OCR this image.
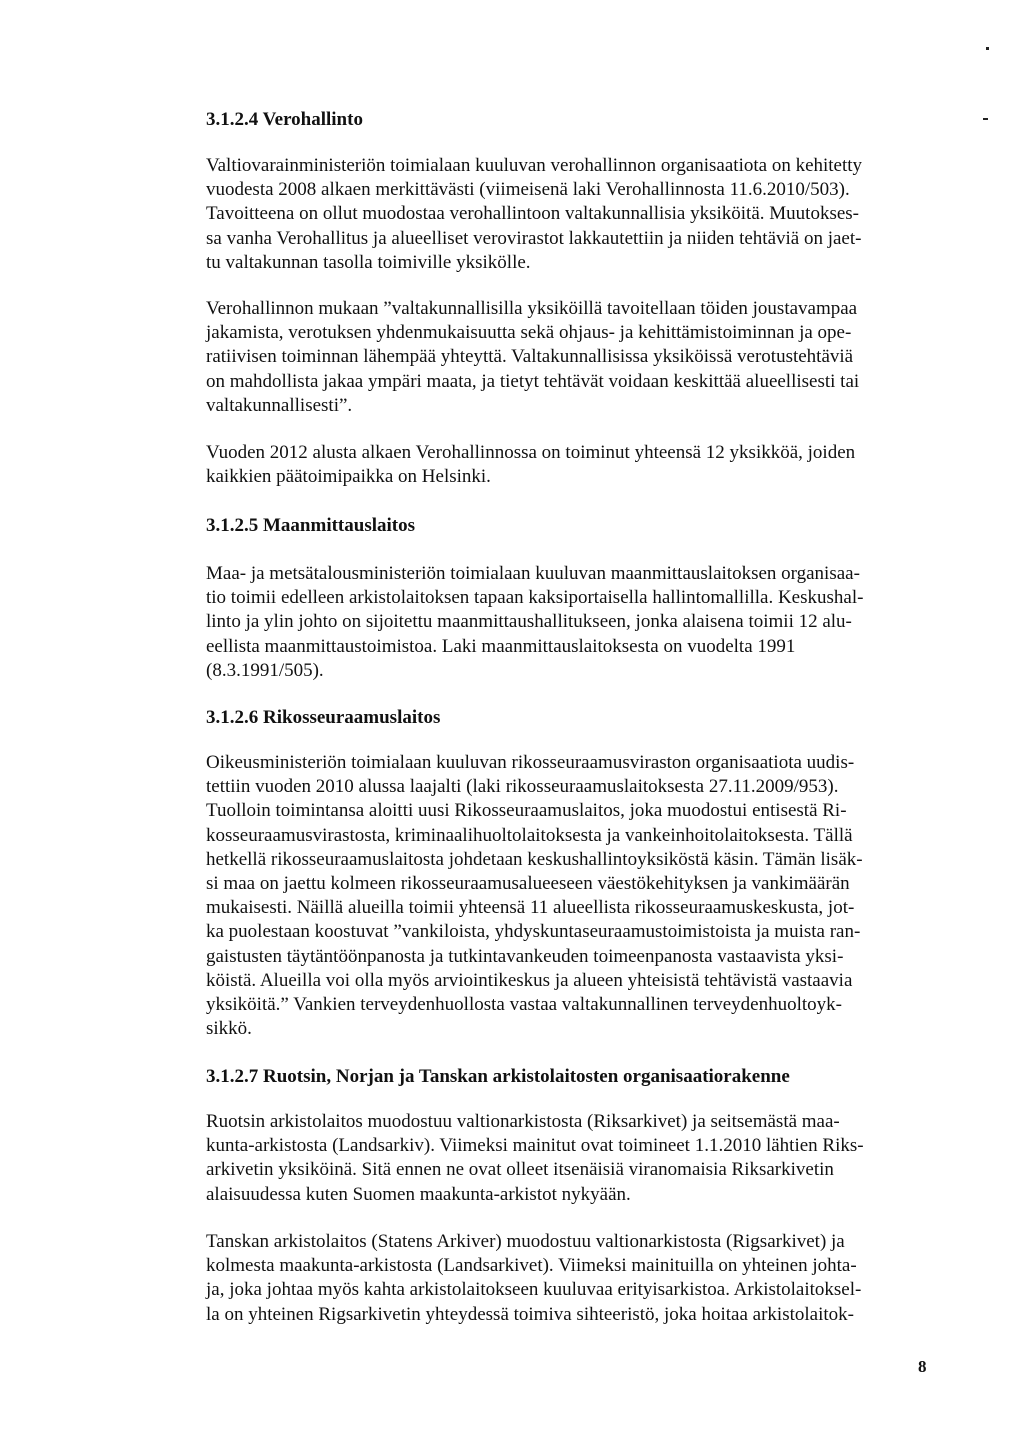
3.1.2.4 Verohallinto

Valtiovarainministeriön toimialaan kuuluvan verohallinnon organisaatiota on kehitetty
vuodesta 2008 alkaen merkittävästi (viimeisenä laki Verohallinnosta 11.6.2010/503).
Tavoitteena on ollut muodostaa verohallintoon valtakunnallisia yksiköitä. Muutokses-
sa vanha Verohallitus ja alueelliset verovirastot lakkautettiin ja niiden tehtäviä on jaet-
tu valtakunnan tasolla toimiville yksikölle.

Verohallinnon mukaan ”valtakunnallisilla yksiköillä tavoitellaan töiden joustavampaa
jakamista, verotuksen yhdenmukaisuutta sekä ohjaus- ja kehittämistoiminnan ja ope-
ratiivisen toiminnan lähempää yhteyttä. Valtakunnallisissa yksiköissä verotustehtäviä
on mahdollista jakaa ympäri maata, ja tietyt tehtävät voidaan keskittää alueellisesti tai
valtakunnallisesti”.

Vuoden 2012 alusta alkaen Verohallinnossa on toiminut yhteensä 12 yksikköä, joiden
kaikkien päätoimipaikka on Helsinki.

3.1.2.5 Maanmittauslaitos

Maa- ja metsätalousministeriön toimialaan kuuluvan maanmittauslaitoksen organisaa-
tio toimii edelleen arkistolaitoksen tapaan kaksiportaisella hallintomallilla. Keskushal-
linto ja ylin johto on sijoitettu maanmittaushallitukseen, jonka alaisena toimii 12 alu-
eellista maanmittaustoimistoa. Laki maanmittauslaitoksesta on vuodelta 1991
(8.3.1991/505).

3.1.2.6 Rikosseuraamuslaitos

Oikeusministeriön toimialaan kuuluvan rikosseuraamusviraston organisaatiota uudis-
tettiin vuoden 2010 alussa laajalti (laki rikosseuraamuslaitoksesta 27.11.2009/953).
Tuolloin toimintansa aloitti uusi Rikosseuraamuslaitos, joka muodostui entisestä Ri-
kosseuraamusvirastosta, kriminaalihuoltolaitoksesta ja vankeinhoitolaitoksesta. Tällä
hetkellä rikosseuraamuslaitosta johdetaan keskushallintoyksiköstä käsin. Tämän lisäk-
si maa on jaettu kolmeen rikosseuraamusalueeseen väestökehityksen ja vankimäärän
mukaisesti. Näillä alueilla toimii yhteensä 11 alueellista rikosseuraamuskeskusta, jot-
ka puolestaan koostuvat ”vankiloista, yhdyskuntaseuraamustoimistoista ja muista ran-
gaistusten täytäntöönpanosta ja tutkintavankeuden toimeenpanosta vastaavista yksi-
köistä. Alueilla voi olla myös arviointikeskus ja alueen yhteisistä tehtävistä vastaavia
yksiköitä.” Vankien terveydenhuollosta vastaa valtakunnallinen terveydenhuoltoyk-
sikkö.

3.1.2.7 Ruotsin, Norjan ja Tanskan arkistolaitosten organisaatiorakenne

Ruotsin arkistolaitos muodostuu valtionarkistosta (Riksarkivet) ja seitsemästä maa-
kunta-arkistosta (Landsarkiv). Viimeksi mainitut ovat toimineet 1.1.2010 lähtien Riks-
arkivetin yksiköinä. Sitä ennen ne ovat olleet itsenäisiä viranomaisia Riksarkivetin
alaisuudessa kuten Suomen maakunta-arkistot nykyään.

Tanskan arkistolaitos (Statens Arkiver) muodostuu valtionarkistosta (Rigsarkivet) ja
kolmesta maakunta-arkistosta (Landsarkivet). Viimeksi mainituilla on yhteinen johta-
ja, joka johtaa myös kahta arkistolaitokseen kuuluvaa erityisarkistoa. Arkistolaitoksel-
la on yhteinen Rigsarkivetin yhteydessä toimiva sihteeristö, joka hoitaa arkistolaitok-

8
